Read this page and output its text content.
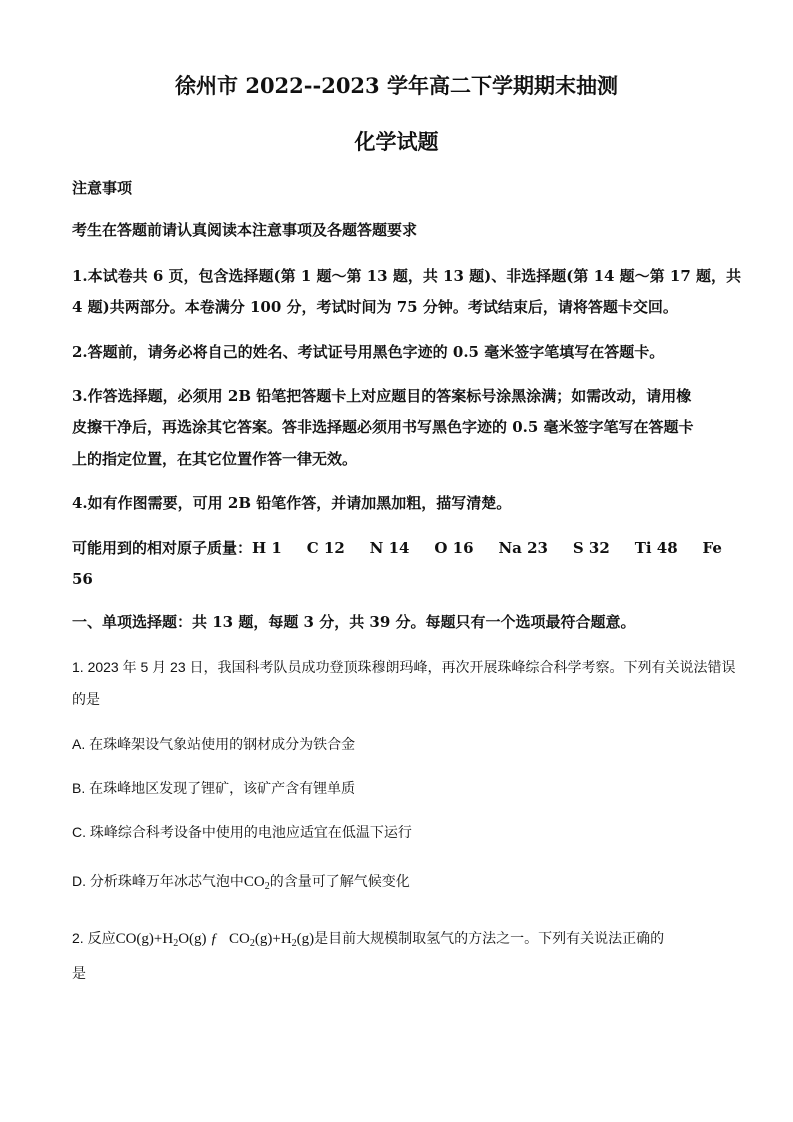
徐州市 2022--2023 学年高二下学期期末抽测
化学试题
注意事项
考生在答题前请认真阅读本注意事项及各题答题要求
1.本试卷共 6 页，包含选择题(第 1 题～第 13 题，共 13 题)、非选择题(第 14 题～第 17 题，共
4 题)共两部分。本卷满分 100 分，考试时间为 75 分钟。考试结束后，请将答题卡交回。
2.答题前，请务必将自己的姓名、考试证号用黑色字迹的 0.5 毫米签字笔填写在答题卡。
3.作答选择题，必须用 2B 铅笔把答题卡上对应题目的答案标号涂黑涂满；如需改动，请用橡
皮擦干净后，再选涂其它答案。答非选择题必须用书写黑色字迹的 0.5 毫米签字笔写在答题卡
上的指定位置，在其它位置作答一律无效。
4.如有作图需要，可用 2B 铅笔作答，并请加黑加粗，描写清楚。
可能用到的相对原子质量：H 1 C 12 N 14 O 16 Na 23 S 32 Ti 48 Fe
56
一、单项选择题：共 13 题，每题 3 分，共 39 分。每题只有一个选项最符合题意。
1. 2023 年 5 月 23 日，我国科考队员成功登顶珠穆朗玛峰，再次开展珠峰综合科学考察。下列有关说法错误
的是
A. 在珠峰架设气象站使用的钢材成分为铁合金
B. 在珠峰地区发现了锂矿，该矿产含有锂单质
C. 珠峰综合科考设备中使用的电池应适宜在低温下运行
D. 分析珠峰万年冰芯气泡中$CO_2$的含量可了解气候变化
2. 反应$CO(g)+H_2O(g)$ ƒ $CO_2(g)+H_2(g)$是目前大规模制取氢气的方法之一。下列有关说法正确的
是
